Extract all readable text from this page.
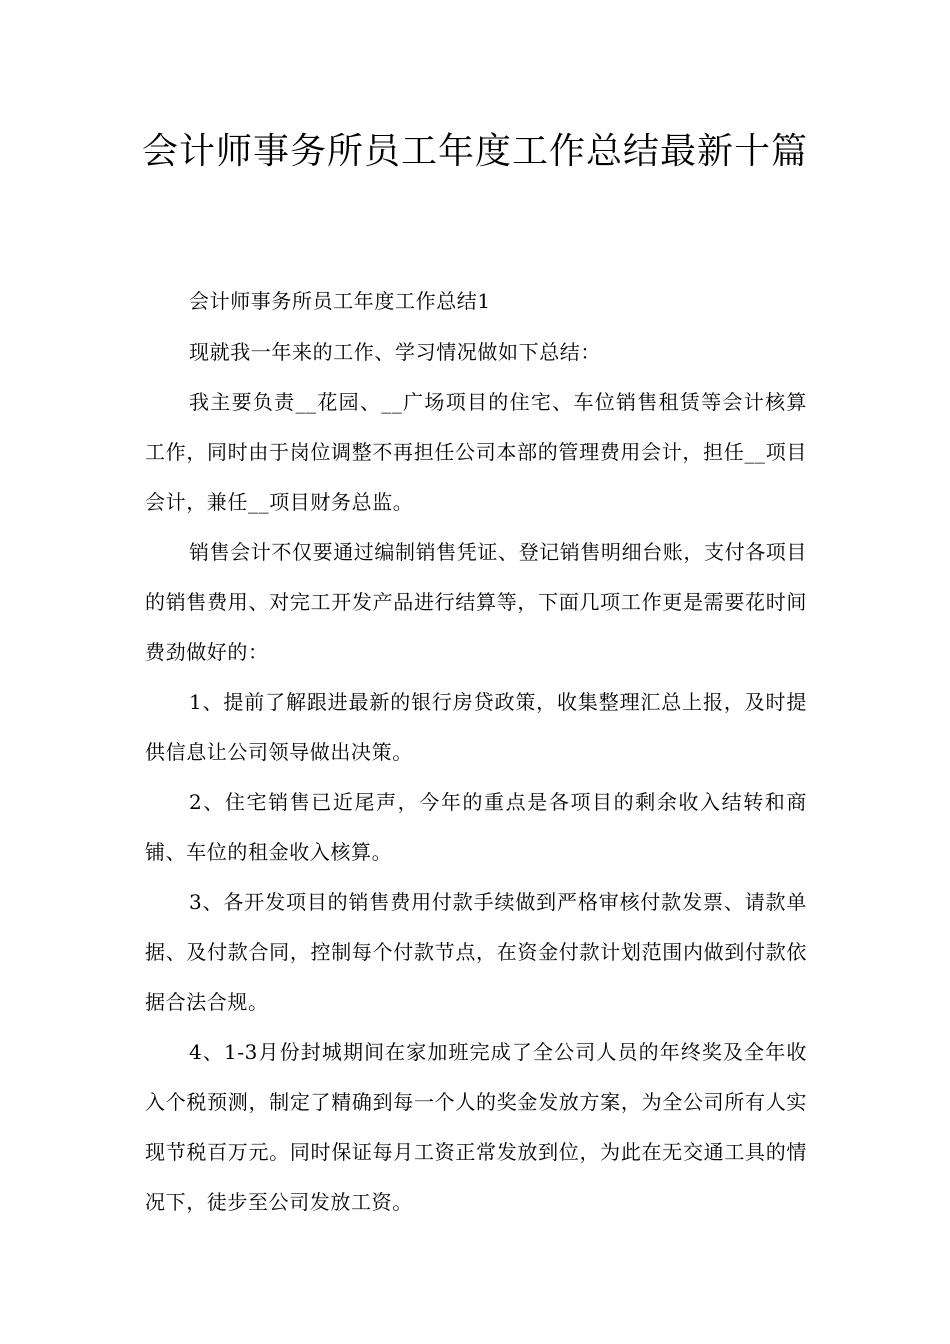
会计师事务所员工年度工作总结最新十篇

会计师事务所员工年度工作总结1

现就我一年来的工作、学习情况做如下总结：

我主要负责__花园、__广场项目的住宅、车位销售租赁等会计核算工作，同时由于岗位调整不再担任公司本部的管理费用会计，担任__项目会计，兼任__项目财务总监。

销售会计不仅要通过编制销售凭证、登记销售明细台账，支付各项目的销售费用、对完工开发产品进行结算等，下面几项工作更是需要花时间费劲做好的：

1、提前了解跟进最新的银行房贷政策，收集整理汇总上报，及时提供信息让公司领导做出决策。

2、住宅销售已近尾声，今年的重点是各项目的剩余收入结转和商铺、车位的租金收入核算。

3、各开发项目的销售费用付款手续做到严格审核付款发票、请款单据、及付款合同，控制每个付款节点，在资金付款计划范围内做到付款依据合法合规。

4、1-3月份封城期间在家加班完成了全公司人员的年终奖及全年收入个税预测，制定了精确到每一个人的奖金发放方案，为全公司所有人实现节税百万元。同时保证每月工资正常发放到位，为此在无交通工具的情况下，徒步至公司发放工资。
